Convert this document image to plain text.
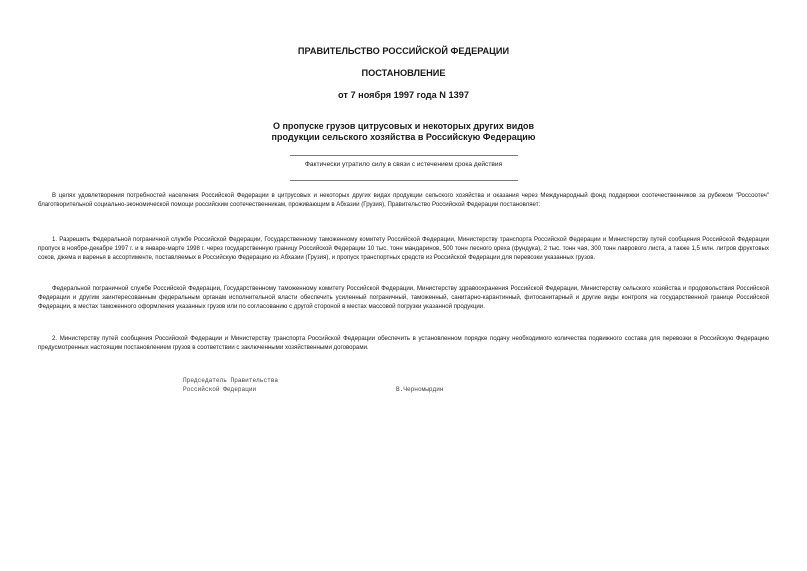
ПРАВИТЕЛЬСТВО РОССИЙСКОЙ ФЕДЕРАЦИИ
ПОСТАНОВЛЕНИЕ
от 7 ноября 1997 года N 1397
О пропуске грузов цитрусовых и некоторых других видов
продукции сельского хозяйства в Российскую Федерацию
Фактически утратило силу в связи с истечением срока действия

В целях удовлетворения потребностей населения Российской Федерации в цитрусовых и некоторых других видах продукции сельского хозяйства и оказания через Международный фонд поддержки соотечественников за рубежом "Россоотеч" благотворительной социально-экономической помощи российским соотечественникам, проживающим в Абхазии (Грузия), Правительство Российской Федерации постановляет:

1. Разрешить Федеральной пограничной службе Российской Федерации, Государственному таможенному комитету Российской Федерации, Министерству транспорта Российской Федерации и Министерству путей сообщения Российской Федерации пропуск в ноябре-декабре 1997 г. и в январе-марте 1998 г. через государственную границу Российской Федерации 10 тыс. тонн мандаринов, 500 тонн лесного ореха (фундука), 2 тыс. тонн чая, 300 тонн лаврового листа, а также 1,5 млн. литров фруктовых соков, джема и варенья в ассортименте, поставляемых в Российскую Федерацию из Абхазии (Грузия), и пропуск транспортных средств из Российской Федерации для перевозки указанных грузов.

Федеральной пограничной службе Российской Федерации, Государственному таможенному комитету Российской Федерации, Министерству здравоохранения Российской Федерации, Министерству сельского хозяйства и продовольствия Российской Федерации и другим заинтересованным федеральным органам исполнительной власти обеспечить усиленный пограничный, таможенный, санитарно-карантинный, фитосанитарный и другие виды контроля на государственной границе Российской Федерации, в местах таможенного оформления указанных грузов или по согласованию с другой стороной в местах массовой погрузки указанной продукции.

2. Министерству путей сообщения Российской Федерации и Министерству транспорта Российской Федерации обеспечить в установленном порядке подачу необходимого количества подвижного состава для перевозки в Российскую Федерацию предусмотренных настоящим постановлением грузов в соответствии с заключенными хозяйственными договорами.

Председатель Правительства
Российской Федерации	В.Черномырдин
